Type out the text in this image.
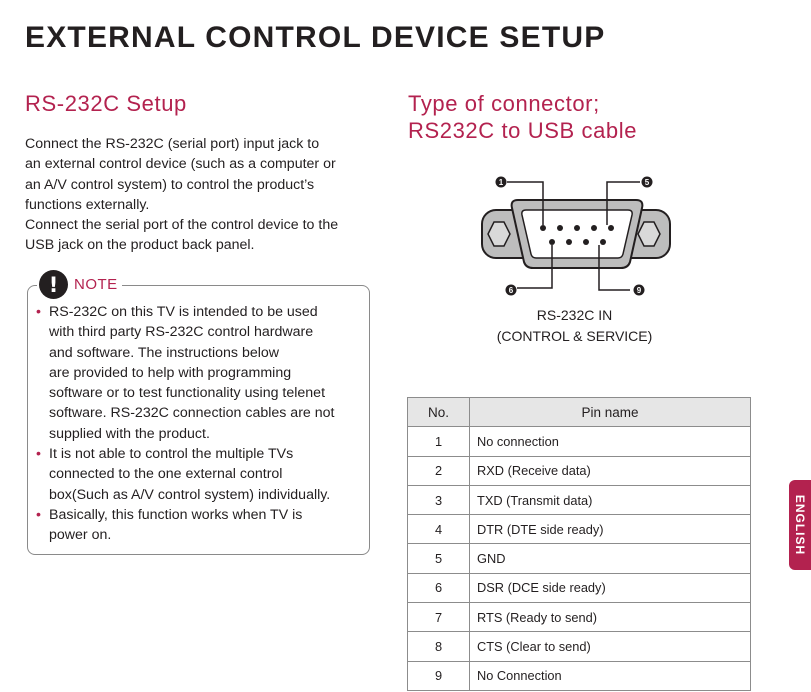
EXTERNAL CONTROL DEVICE SETUP
RS-232C Setup

Connect the RS-232C (serial port) input jack to
an external control device (such as a computer or
an A/V control system) to control the product’s
functions externally.

Connect the serial port of the control device to the
USB jack on the product back panel.

!	NOTE
• RS-232C on this TV is intended to be used
with third party RS-232C control hardware
and software. The instructions below
are provided to help with programming
software or to test functionality using telenet
software. RS-232C connection cables are not
supplied with the product.
• It is not able to control the multiple TVs
connected to the one external control
box(Such as A/V control system) individually.
• Basically, this function works when TV is
power on.
Type of connector;
RS232C to USB cable
1	5
6	9
RS-232C IN
(CONTROL & SERVICE)
No.	Pin name
1	No connection
2	RXD (Receive data)
3	TXD (Transmit data)
4	DTR (DTE side ready)
5	GND
6	DSR (DCE side ready)
7	RTS (Ready to send)
8	CTS (Clear to send)
9	No Connection
ENGLISH
